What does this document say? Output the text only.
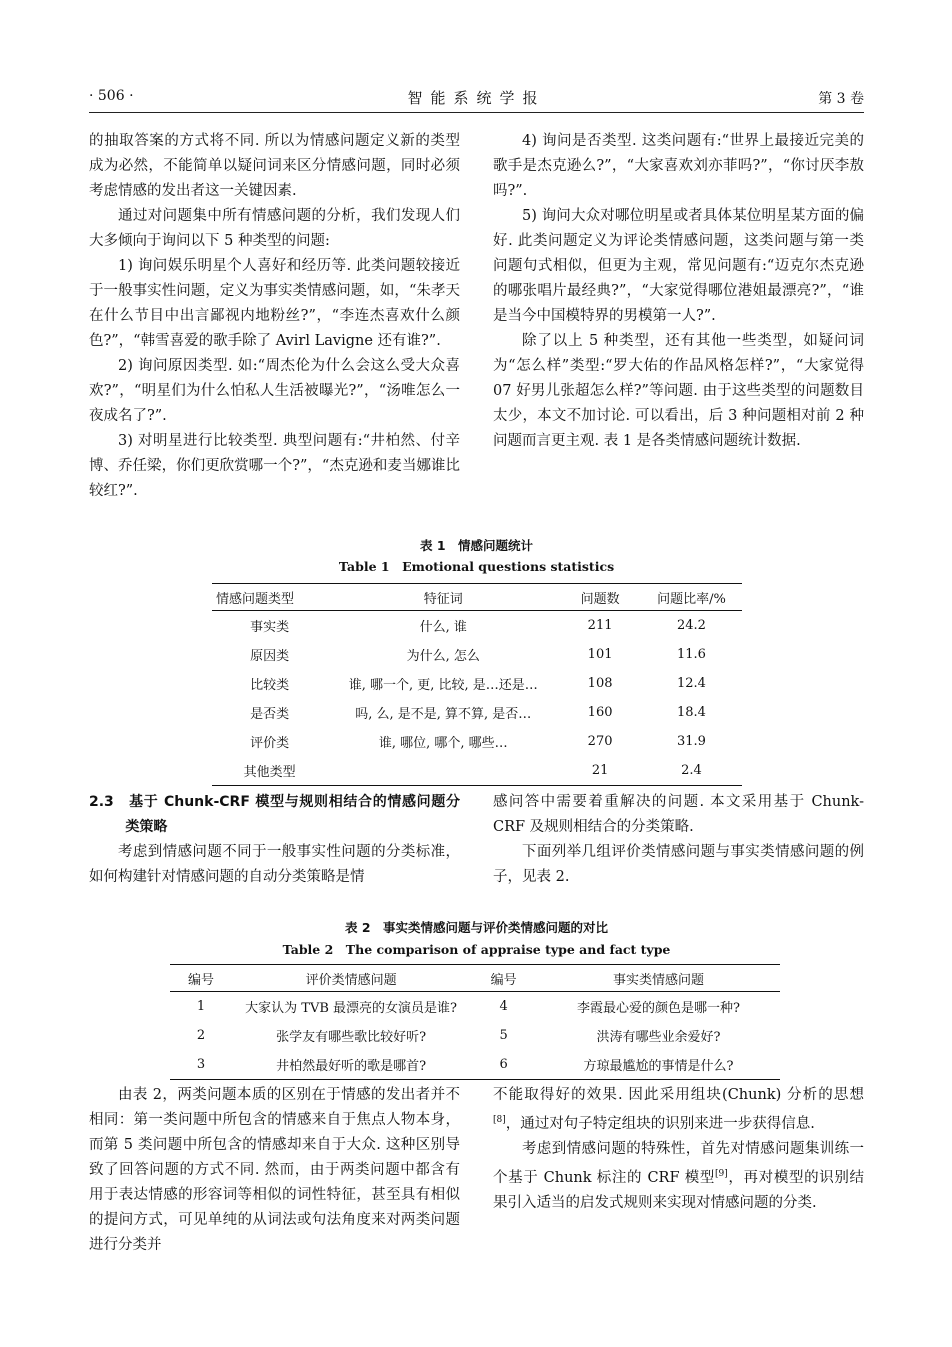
· 506 ·	智能系统学报	第 3 卷

的抽取答案的方式将不同. 所以为情感问题定义新的类型成为必然，不能简单以疑问词来区分情感问题，同时必须考虑情感的发出者这一关键因素.

通过对问题集中所有情感问题的分析，我们发现人们大多倾向于询问以下 5 种类型的问题:

1) 询问娱乐明星个人喜好和经历等. 此类问题较接近于一般事实性问题，定义为事实类情感问题，如，“朱孝天在什么节目中出言鄙视内地粉丝?”，“李连杰喜欢什么颜色?”，“韩雪喜爱的歌手除了 Avirl Lavigne 还有谁?”.

2) 询问原因类型. 如:“周杰伦为什么会这么受大众喜欢?”，“明星们为什么怕私人生活被曝光?”，“汤唯怎么一夜成名了?”.

3) 对明星进行比较类型. 典型问题有:“井柏然、付辛博、乔任梁，你们更欣赏哪一个?”，“杰克逊和麦当娜谁比较红?”.

4) 询问是否类型. 这类问题有:“世界上最接近完美的歌手是杰克逊么?”，“大家喜欢刘亦菲吗?”，“你讨厌李敖吗?”.

5) 询问大众对哪位明星或者具体某位明星某方面的偏好. 此类问题定义为评论类情感问题，这类问题与第一类问题句式相似，但更为主观，常见问题有:“迈克尔杰克逊的哪张唱片最经典?”，“大家觉得哪位港姐最漂亮?”，“谁是当今中国模特界的男模第一人?”.

除了以上 5 种类型，还有其他一些类型，如疑问词为“怎么样”类型:“罗大佑的作品风格怎样?”，“大家觉得 07 好男儿张超怎么样?”等问题. 由于这些类型的问题数目太少，本文不加讨论. 可以看出，后 3 种问题相对前 2 种问题而言更主观. 表 1 是各类情感问题统计数据.

表 1　情感问题统计
Table 1　Emotional questions statistics
情感问题类型	特征词	问题数	问题比率/%
事实类	什么, 谁	211	24.2
原因类	为什么, 怎么	101	11.6
比较类	谁, 哪一个, 更, 比较, 是…还是…	108	12.4
是否类	吗, 么, 是不是, 算不算, 是否…	160	18.4
评价类	谁, 哪位, 哪个, 哪些…	270	31.9
其他类型		21	2.4

2.3　基于 Chunk-CRF 模型与规则相结合的情感问题分类策略

考虑到情感问题不同于一般事实性问题的分类标准，如何构建针对情感问题的自动分类策略是情

感问答中需要着重解决的问题. 本文采用基于 Chunk-CRF 及规则相结合的分类策略.

下面列举几组评价类情感问题与事实类情感问题的例子，见表 2.

表 2　事实类情感问题与评价类情感问题的对比
Table 2　The comparison of appraise type and fact type
编号	评价类情感问题	编号	事实类情感问题
1	大家认为 TVB 最漂亮的女演员是谁?	4	李霞最心爱的颜色是哪一种?
2	张学友有哪些歌比较好听?	5	洪涛有哪些业余爱好?
3	井柏然最好听的歌是哪首?	6	方琼最尴尬的事情是什么?

由表 2，两类问题本质的区别在于情感的发出者并不相同：第一类问题中所包含的情感来自于焦点人物本身，而第 5 类问题中所包含的情感却来自于大众. 这种区别导致了回答问题的方式不同. 然而，由于两类问题中都含有用于表达情感的形容词等相似的词性特征，甚至具有相似的提问方式，可见单纯的从词法或句法角度来对两类问题进行分类并

不能取得好的效果. 因此采用组块(Chunk) 分析的思想[8]，通过对句子特定组块的识别来进一步获得信息.

考虑到情感问题的特殊性，首先对情感问题集训练一个基于 Chunk 标注的 CRF 模型[9]，再对模型的识别结果引入适当的启发式规则来实现对情感问题的分类.
